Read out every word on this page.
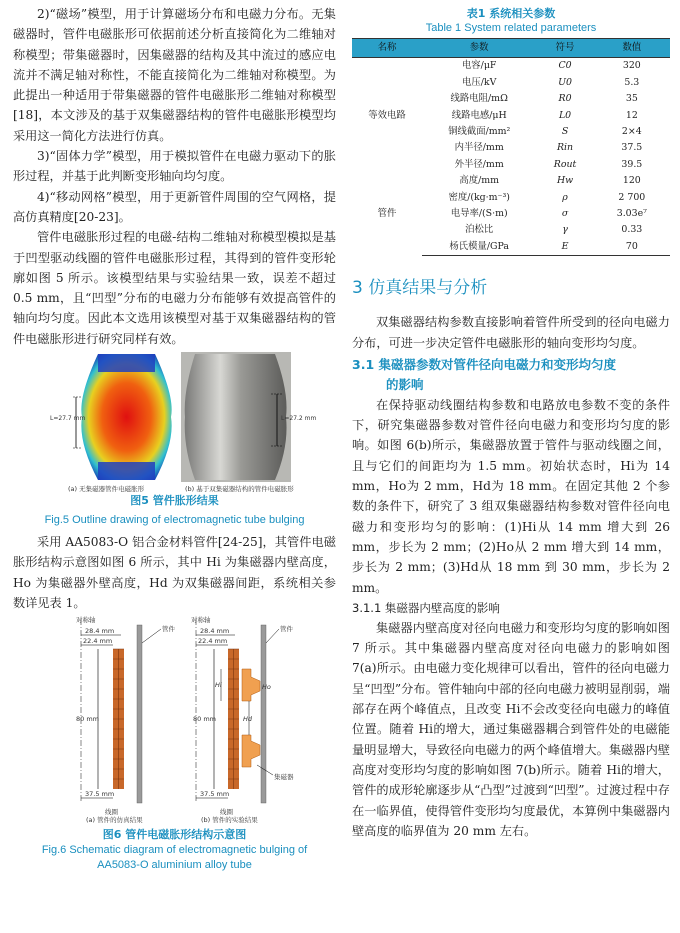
2)“磁场”模型，用于计算磁场分布和电磁力分布。无集磁器时，管件电磁胀形可依据前述分析直接简化为二维轴对称模型；带集磁器时，因集磁器的结构及其中流过的感应电流并不满足轴对称性，不能直接简化为二维轴对称模型。为此提出一种适用于带集磁器的管件电磁胀形二维轴对称模型[18]，本文涉及的基于双集磁器结构的管件电磁胀形模型均采用这一简化方法进行仿真。

3)“固体力学”模型，用于模拟管件在电磁力驱动下的胀形过程，并基于此判断变形轴向均匀度。

4)“移动网格”模型，用于更新管件周围的空气网格，提高仿真精度[20-23]。

管件电磁胀形过程的电磁-结构二维轴对称模型模拟是基于凹型驱动线圈的管件电磁胀形过程，其得到的管件变形轮廓如图 5 所示。该模型结果与实验结果一致，误差不超过 0.5 mm，且“凹型”分布的电磁力分布能够有效提高管件的轴向均匀度。因此本文选用该模型对基于双集磁器结构的管件电磁胀形进行研究同样有效。

L=27.7 mm	L=27.2 mm
(a) 无集磁器管件电磁胀形	(b) 基于双集磁器结构的管件电磁胀形
图5 管件胀形结果
Fig.5 Outline drawing of electromagnetic tube bulging

采用 AA5083-O 铝合金材料管件[24-25]，其管件电磁胀形结构示意图如图 6 所示，其中 Hi 为集磁器内壁高度，Ho 为集磁器外壁高度，Hd 为双集磁器间距，系统相关参数详见表 1。

对称轴
28.4 mm
22.4 mm
80 mm
37.5 mm
管件
线圈
(a) 管件的仿真结果
对称轴
28.4 mm
22.4 mm
80 mm
37.5 mm
管件
集磁器
Hi
Hd
Ho
线圈
(b) 管件的实验结果
图6 管件电磁胀形结构示意图
Fig.6 Schematic diagram of electromagnetic bulging of
AA5083-O aluminium alloy tube
表1 系统相关参数
Table 1 System related parameters
名称	参数	符号	数值
等效电路	电容/μF	C0	320
	电压/kV	U0	5.3
	线路电阻/mΩ	R0	35
	线路电感/μH	L0	12
	铜线截面/mm²	S	2×4
	内半径/mm	Rin	37.5
	外半径/mm	Rout	39.5
管件	高度/mm	Hw	120
	密度/(kg·m⁻³)	ρ	2 700
	电导率/(S·m)	σ	3.03e⁷
	泊松比	γ	0.33
	杨氏模量/GPa	E	70
3 仿真结果与分析

双集磁器结构参数直接影响着管件所受到的径向电磁力分布，可进一步决定管件电磁胀形的轴向变形均匀度。

3.1 集磁器参数对管件径向电磁力和变形均匀度
的影响

在保持驱动线圈结构参数和电路放电参数不变的条件下，研究集磁器参数对管件径向电磁力和变形均匀度的影响。如图 6(b)所示，集磁器放置于管件与驱动线圈之间，且与它们的间距均为 1.5 mm。初始状态时，Hi为 14 mm，Ho为 2 mm，Hd为 18 mm。在固定其他 2 个参数的条件下，研究了 3 组双集磁器结构参数对管件径向电磁力和变形均匀的影响：(1)Hi从 14 mm 增大到 26 mm，步长为 2 mm；(2)Ho从 2 mm 增大到 14 mm，步长为 2 mm；(3)Hd从 18 mm 到 30 mm，步长为 2 mm。

3.1.1 集磁器内壁高度的影响

集磁器内壁高度对径向电磁力和变形均匀度的影响如图 7 所示。其中集磁器内壁高度对径向电磁力的影响如图 7(a)所示。由电磁力变化规律可以看出，管件的径向电磁力呈“凹型”分布。管件轴向中部的径向电磁力被明显削弱，端部存在两个峰值点，且改变 Hi不会改变径向电磁力的峰值位置。随着 Hi的增大，通过集磁器耦合到管件处的电磁能量明显增大，导致径向电磁力的两个峰值增大。集磁器内壁高度对变形均匀度的影响如图 7(b)所示。随着 Hi的增大，管件的成形轮廓逐步从“凸型”过渡到“凹型”。过渡过程中存在一临界值，使得管件变形均匀度最优，本算例中集磁器内壁高度的临界值为 20 mm 左右。
